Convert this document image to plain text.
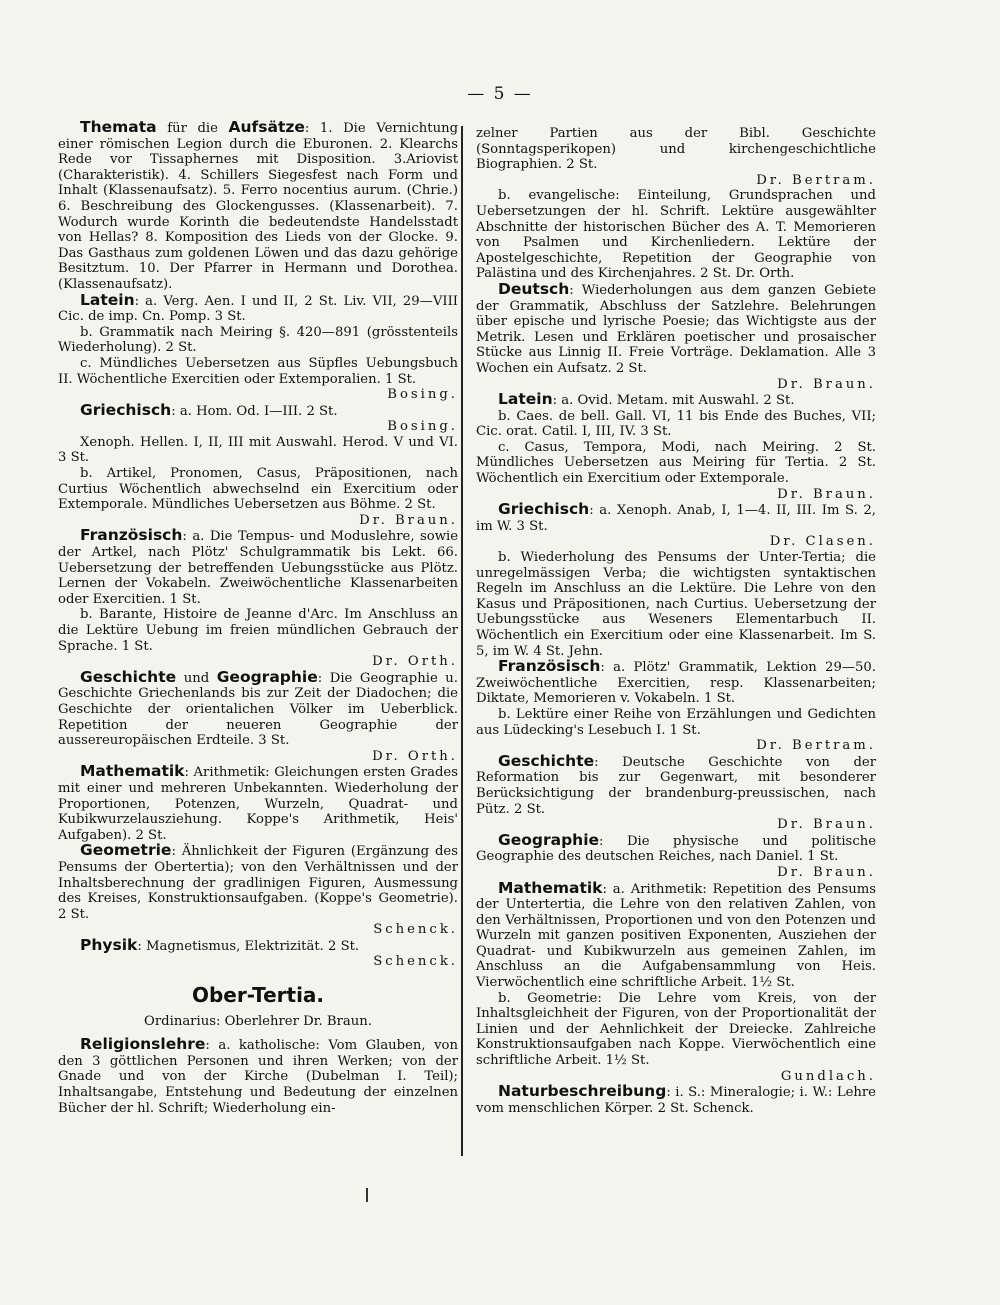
— 5 —

Themata für die Aufsätze: 1. Die Vernichtung einer römischen Legion durch die Eburonen. 2. Klearchs Rede vor Tissaphernes mit Disposition. 3.Ariovist (Charakteristik). 4. Schillers Siegesfest nach Form und Inhalt (Klassenaufsatz). 5. Ferro nocentius aurum. (Chrie.) 6. Beschreibung des Glockengusses. (Klassenarbeit). 7. Wodurch wurde Korinth die bedeutendste Handelsstadt von Hellas? 8. Komposition des Lieds von der Glocke. 9. Das Gasthaus zum goldenen Löwen und das dazu gehörige Besitztum. 10. Der Pfarrer in Hermann und Dorothea. (Klassenaufsatz).

Latein: a. Verg. Aen. I und II, 2 St. Liv. VII, 29—VIII Cic. de imp. Cn. Pomp. 3 St.

b. Grammatik nach Meiring §. 420—891 (grösstenteils Wiederholung). 2 St.

c. Mündliches Uebersetzen aus Süpfles Uebungsbuch II. Wöchentliche Exercitien oder Extemporalien. 1 St.

Bosing.

Griechisch: a. Hom. Od. I—III. 2 St.

Bosing.

Xenoph. Hellen. I, II, III mit Auswahl. Herod. V und VI. 3 St.

b. Artikel, Pronomen, Casus, Präpositionen, nach Curtius Wöchentlich abwechselnd ein Exercitium oder Extemporale. Mündliches Uebersetzen aus Böhme. 2 St.

Dr. Braun.

Französisch: a. Die Tempus- und Moduslehre, sowie der Artkel, nach Plötz' Schulgrammatik bis Lekt. 66. Uebersetzung der betreffenden Uebungsstücke aus Plötz. Lernen der Vokabeln. Zweiwöchentliche Klassenarbeiten oder Exercitien. 1 St.

b. Barante, Histoire de Jeanne d'Arc. Im Anschluss an die Lektüre Uebung im freien mündlichen Gebrauch der Sprache. 1 St.

Dr. Orth.

Geschichte und Geographie: Die Geographie u. Geschichte Griechenlands bis zur Zeit der Diadochen; die Geschichte der orientalichen Völker im Ueberblick. Repetition der neueren Geographie der aussereuropäischen Erdteile. 3 St.

Dr. Orth.

Mathematik: Arithmetik: Gleichungen ersten Grades mit einer und mehreren Unbekannten. Wiederholung der Proportionen, Potenzen, Wurzeln, Quadrat- und Kubikwurzelausziehung. Koppe's Arithmetik, Heis' Aufgaben). 2 St.

Geometrie: Ähnlichkeit der Figuren (Ergänzung des Pensums der Obertertia); von den Verhältnissen und der Inhaltsberechnung der gradlinigen Figuren, Ausmessung des Kreises, Konstruktionsaufgaben. (Koppe's Geometrie). 2 St.

Schenck.

Physik: Magnetismus, Elektrizität. 2 St.

Schenck.

Ober-Tertia.

Ordinarius: Oberlehrer Dr. Braun.

Religionslehre: a. katholische: Vom Glauben, von den 3 göttlichen Personen und ihren Werken; von der Gnade und von der Kirche (Dubelman I. Teil); Inhaltsangabe, Entstehung und Bedeutung der einzelnen Bücher der hl. Schrift; Wiederholung ein-

zelner Partien aus der Bibl. Geschichte (Sonntagsperikopen) und kirchengeschichtliche Biographien. 2 St.

Dr. Bertram.

b. evangelische: Einteilung, Grundsprachen und Uebersetzungen der hl. Schrift. Lektüre ausgewählter Abschnitte der historischen Bücher des A. T. Memorieren von Psalmen und Kirchenliedern. Lektüre der Apostelgeschichte, Repetition der Geographie von Palästina und des Kirchenjahres. 2 St. Dr. Orth.

Deutsch: Wiederholungen aus dem ganzen Gebiete der Grammatik, Abschluss der Satzlehre. Belehrungen über epische und lyrische Poesie; das Wichtigste aus der Metrik. Lesen und Erklären poetischer und prosaischer Stücke aus Linnig II. Freie Vorträge. Deklamation. Alle 3 Wochen ein Aufsatz. 2 St.

Dr. Braun.

Latein: a. Ovid. Metam. mit Auswahl. 2 St.

b. Caes. de bell. Gall. VI, 11 bis Ende des Buches, VII; Cic. orat. Catil. I, III, IV. 3 St.

c. Casus, Tempora, Modi, nach Meiring. 2 St. Mündliches Uebersetzen aus Meiring für Tertia. 2 St. Wöchentlich ein Exercitium oder Extemporale.

Dr. Braun.

Griechisch: a. Xenoph. Anab, I, 1—4. II, III. Im S. 2, im W. 3 St.

Dr. Clasen.

b. Wiederholung des Pensums der Unter-Tertia; die unregelmässigen Verba; die wichtigsten syntaktischen Regeln im Anschluss an die Lektüre. Die Lehre von den Kasus und Präpositionen, nach Curtius. Uebersetzung der Uebungsstücke aus Weseners Elementarbuch II. Wöchentlich ein Exercitium oder eine Klassenarbeit. Im S. 5, im W. 4 St. Jehn.

Französisch: a. Plötz' Grammatik, Lektion 29—50. Zweiwöchentliche Exercitien, resp. Klassenarbeiten; Diktate, Memorieren v. Vokabeln. 1 St.

b. Lektüre einer Reihe von Erzählungen und Gedichten aus Lüdecking's Lesebuch I. 1 St.

Dr. Bertram.

Geschichte: Deutsche Geschichte von der Reformation bis zur Gegenwart, mit besonderer Berücksichtigung der brandenburg-preussischen, nach Pütz. 2 St.

Dr. Braun.

Geographie: Die physische und politische Geographie des deutschen Reiches, nach Daniel. 1 St.

Dr. Braun.

Mathematik: a. Arithmetik: Repetition des Pensums der Untertertia, die Lehre von den relativen Zahlen, von den Verhältnissen, Proportionen und von den Potenzen und Wurzeln mit ganzen positiven Exponenten, Ausziehen der Quadrat- und Kubikwurzeln aus gemeinen Zahlen, im Anschluss an die Aufgabensammlung von Heis. Vierwöchentlich eine schriftliche Arbeit. 1½ St.

b. Geometrie: Die Lehre vom Kreis, von der Inhaltsgleichheit der Figuren, von der Proportionalität der Linien und der Aehnlichkeit der Dreiecke. Zahlreiche Konstruktionsaufgaben nach Koppe. Vierwöchentlich eine schriftliche Arbeit. 1½ St.

Gundlach.

Naturbeschreibung: i. S.: Mineralogie; i. W.: Lehre vom menschlichen Körper. 2 St. Schenck.
